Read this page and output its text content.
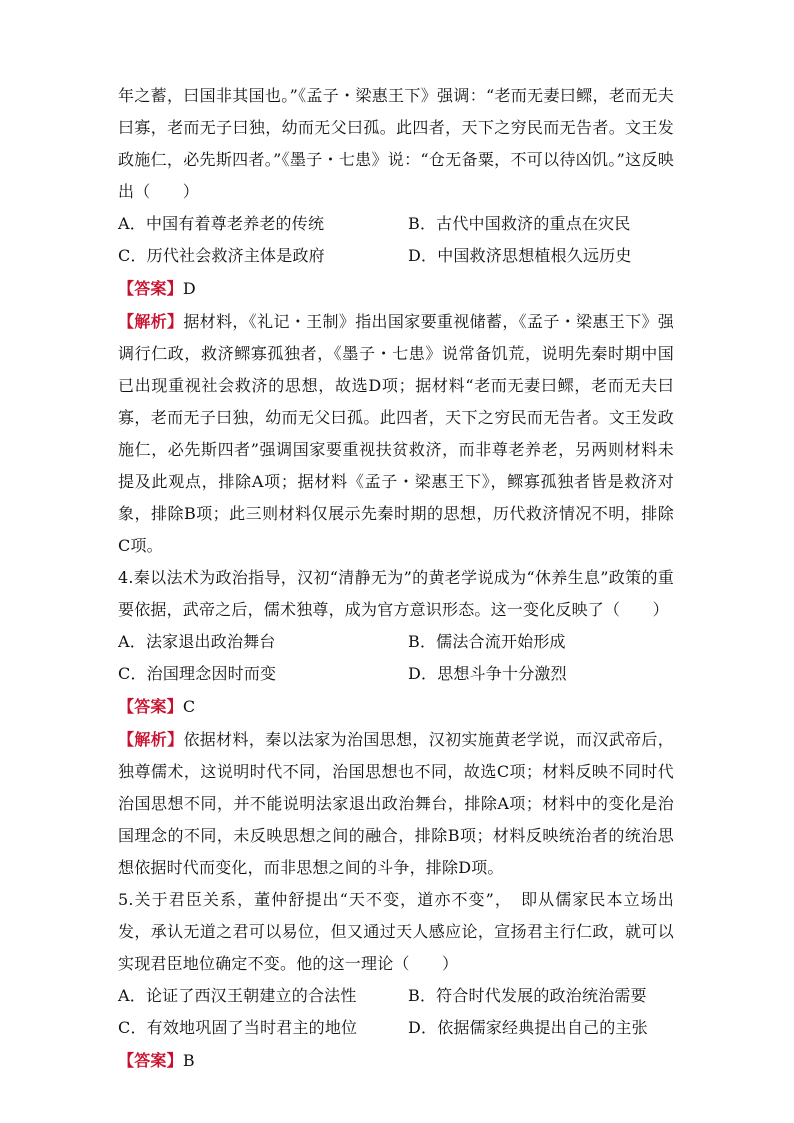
年之蓄，曰国非其国也。”《孟子・梁惠王下》强调：“老而无妻曰鳏，老而无夫曰寡，老而无子曰独，幼而无父曰孤。此四者，天下之穷民而无告者。文王发政施仁，必先斯四者。”《墨子・七患》说：“仓无备粟，不可以待凶饥。”这反映出（　　）

A．中国有着尊老养老的传统	B．古代中国救济的重点在灾民
C．历代社会救济主体是政府	D．中国救济思想植根久远历史
【答案】D

【解析】据材料，《礼记・王制》指出国家要重视储蓄，《孟子・梁惠王下》强调行仁政，救济鳏寡孤独者，《墨子・七患》说常备饥荒，说明先秦时期中国已出现重视社会救济的思想，故选D项；据材料“老而无妻曰鳏，老而无夫曰寡，老而无子曰独，幼而无父曰孤。此四者，天下之穷民而无告者。文王发政施仁，必先斯四者”强调国家要重视扶贫救济，而非尊老养老，另两则材料未提及此观点，排除A项；据材料《孟子・梁惠王下》，鳏寡孤独者皆是救济对象，排除B项；此三则材料仅展示先秦时期的思想，历代救济情况不明，排除C项。

4.秦以法术为政治指导，汉初“清静无为”的黄老学说成为“休养生息”政策的重要依据，武帝之后，儒术独尊，成为官方意识形态。这一变化反映了（　　）

A．法家退出政治舞台	B．儒法合流开始形成
C．治国理念因时而变	D．思想斗争十分激烈
【答案】C

【解析】依据材料，秦以法家为治国思想，汉初实施黄老学说，而汉武帝后，独尊儒术，这说明时代不同，治国思想也不同，故选C项；材料反映不同时代治国思想不同，并不能说明法家退出政治舞台，排除A项；材料中的变化是治国理念的不同，未反映思想之间的融合，排除B项；材料反映统治者的统治思想依据时代而变化，而非思想之间的斗争，排除D项。

5.关于君臣关系，董仲舒提出“天不变，道亦不变”，　即从儒家民本立场出发，承认无道之君可以易位，但又通过天人感应论，宣扬君主行仁政，就可以实现君臣地位确定不变。他的这一理论（　　）

A．论证了西汉王朝建立的合法性	B．符合时代发展的政治统治需要
C．有效地巩固了当时君主的地位	D．依据儒家经典提出自己的主张
【答案】B
